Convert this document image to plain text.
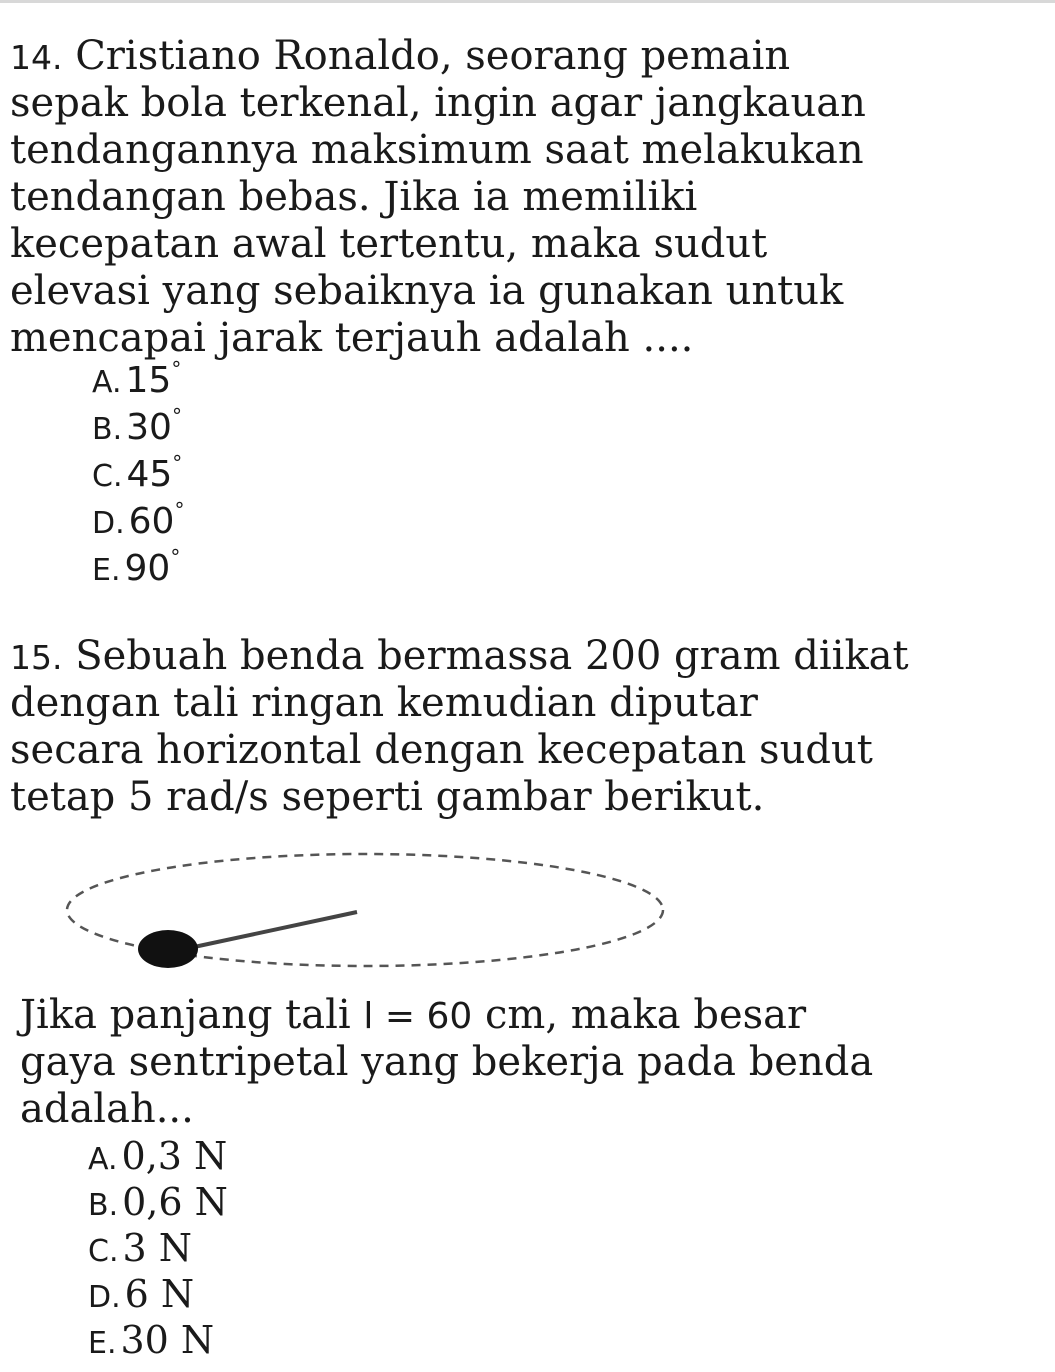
14. Cristiano Ronaldo, seorang pemain
sepak bola terkenal, ingin agar jangkauan
tendangannya maksimum saat melakukan
tendangan bebas. Jika ia memiliki
kecepatan awal tertentu, maka sudut
elevasi yang sebaiknya ia gunakan untuk
mencapai jarak terjauh adalah ....
A. 15°
B. 30°
C. 45°
D. 60°
E. 90°
15. Sebuah benda bermassa 200 gram diikat
dengan tali ringan kemudian diputar
secara horizontal dengan kecepatan sudut
tetap 5 rad/s seperti gambar berikut.
Jika panjang tali l = 60 cm, maka besar
gaya sentripetal yang bekerja pada benda
adalah...
A. 0,3 N
B. 0,6 N
C. 3 N
D. 6 N
E. 30 N
